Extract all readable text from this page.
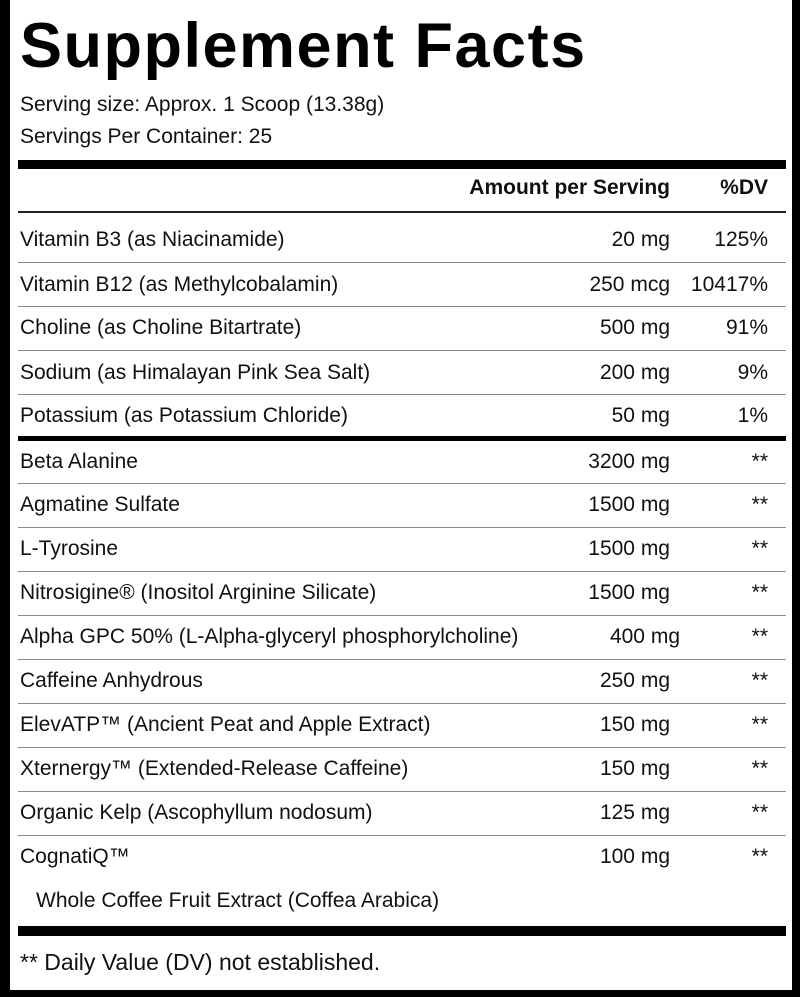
Supplement Facts
Serving size: Approx. 1 Scoop (13.38g)
Servings Per Container: 25
Amount per Serving %DV
Vitamin B3 (as Niacinamide)	20 mg 125%
Vitamin B12 (as Methylcobalamin)	250 mcg 10417%
Choline (as Choline Bitartrate)	500 mg	91%
Sodium (as Himalayan Pink Sea Salt)	200 mg	9%
Potassium (as Potassium Chloride)	50 mg	1%
Beta Alanine	3200 mg	**
Agmatine Sulfate	1500 mg	**
L-Tyrosine	1500 mg	**
Nitrosigine® (Inositol Arginine Silicate)	1500 mg	**
Alpha GPC 50% (L-Alpha-glyceryl phosphorylcholine)	400 mg	**
Caffeine Anhydrous	250 mg	**
ElevATP™ (Ancient Peat and Apple Extract)	150 mg	**
Xternergy™ (Extended-Release Caffeine)	150 mg	**
Organic Kelp (Ascophyllum nodosum)	125 mg	**
CognatiQ™	100 mg	**
Whole Coffee Fruit Extract (Coffea Arabica)
** Daily Value (DV) not established.
